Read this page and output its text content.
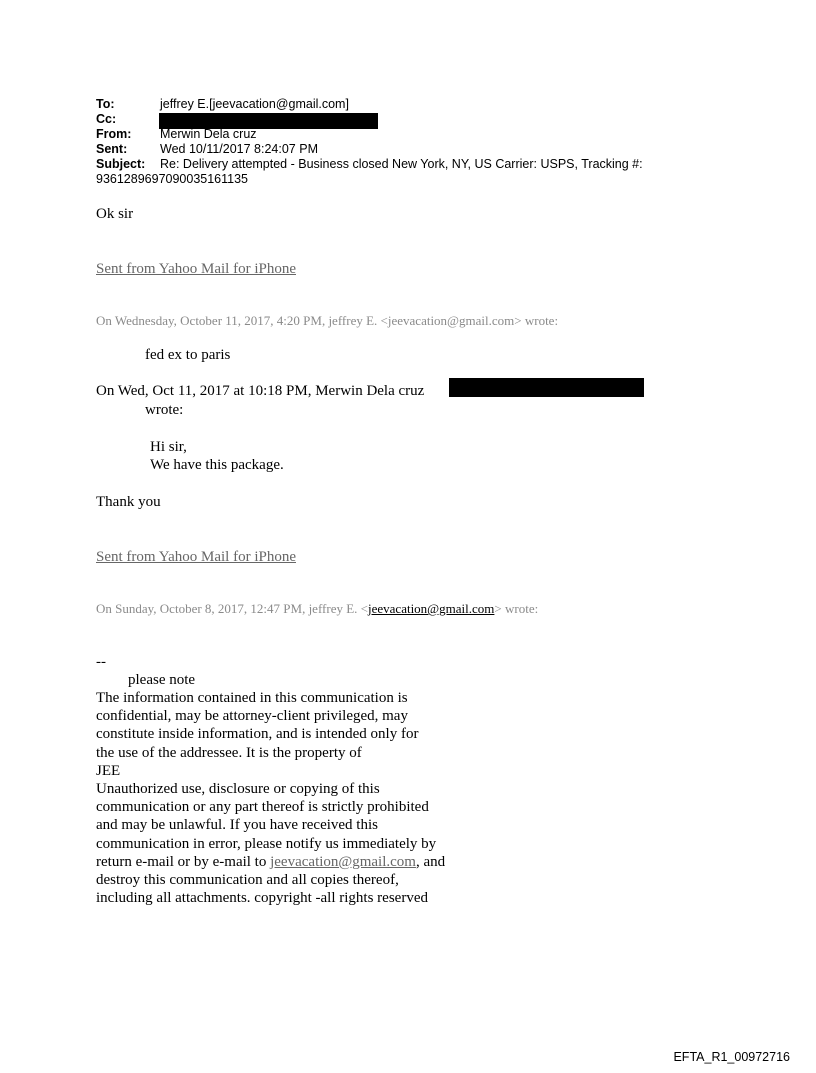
To:	jeffrey E.[jeevacation@gmail.com]
Cc:
From: Merwin Dela cruz
Sent:	Wed 10/11/2017 8:24:07 PM
Subject: Re: Delivery attempted - Business closed New York, NY, US Carrier: USPS, Tracking #:
9361289697090035161135
Ok sir
Sent from Yahoo Mail for iPhone
On Wednesday, October 11, 2017, 4:20 PM, jeffrey E. <jeevacation@gmail.com> wrote:
fed ex to paris
On Wed, Oct 11, 2017 at 10:18 PM, Merwin Dela cruz
wrote:
Hi sir,
We have this package.
Thank you
Sent from Yahoo Mail for iPhone
On Sunday, October 8, 2017, 12:47 PM, jeffrey E. <jeevacation@gmail.com> wrote:
--
please note
The information contained in this communication is
confidential, may be attorney-client privileged, may
constitute inside information, and is intended only for
the use of the addressee. It is the property of
JEE
Unauthorized use, disclosure or copying of this
communication or any part thereof is strictly prohibited
and may be unlawful. If you have received this
communication in error, please notify us immediately by
return e-mail or by e-mail to jeevacation@gmail.com, and
destroy this communication and all copies thereof,
including all attachments. copyright -all rights reserved
EFTA_R1_00972716
